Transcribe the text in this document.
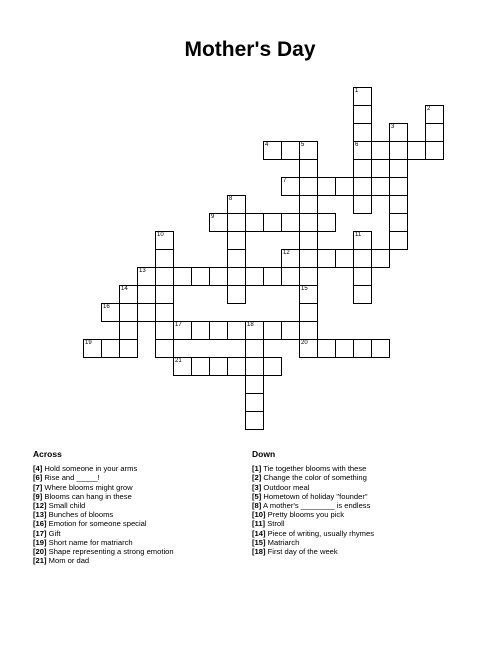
Mother's Day
1
6
2
3
4	5
7
8
9
10	11
12
13
14	15
16
17	18
19	20
21
Across
[4] Hold someone in your arms
[6] Rise and _____!
[7] Where blooms might grow
[9] Blooms can hang in these
[12] Small child
[13] Bunches of blooms
[16] Emotion for someone special
[17] Gift
[19] Short name for matriarch
[20] Shape representing a strong emotion
[21] Mom or dad
Down
[1] Tie together blooms with these
[2] Change the color of something
[3] Outdoor meal
[5] Hometown of holiday "founder"
[8] A mother's ________ is endless
[10] Pretty blooms you pick
[11] Stroll
[14] Piece of writing, usually rhymes
[15] Matriarch
[18] First day of the week
